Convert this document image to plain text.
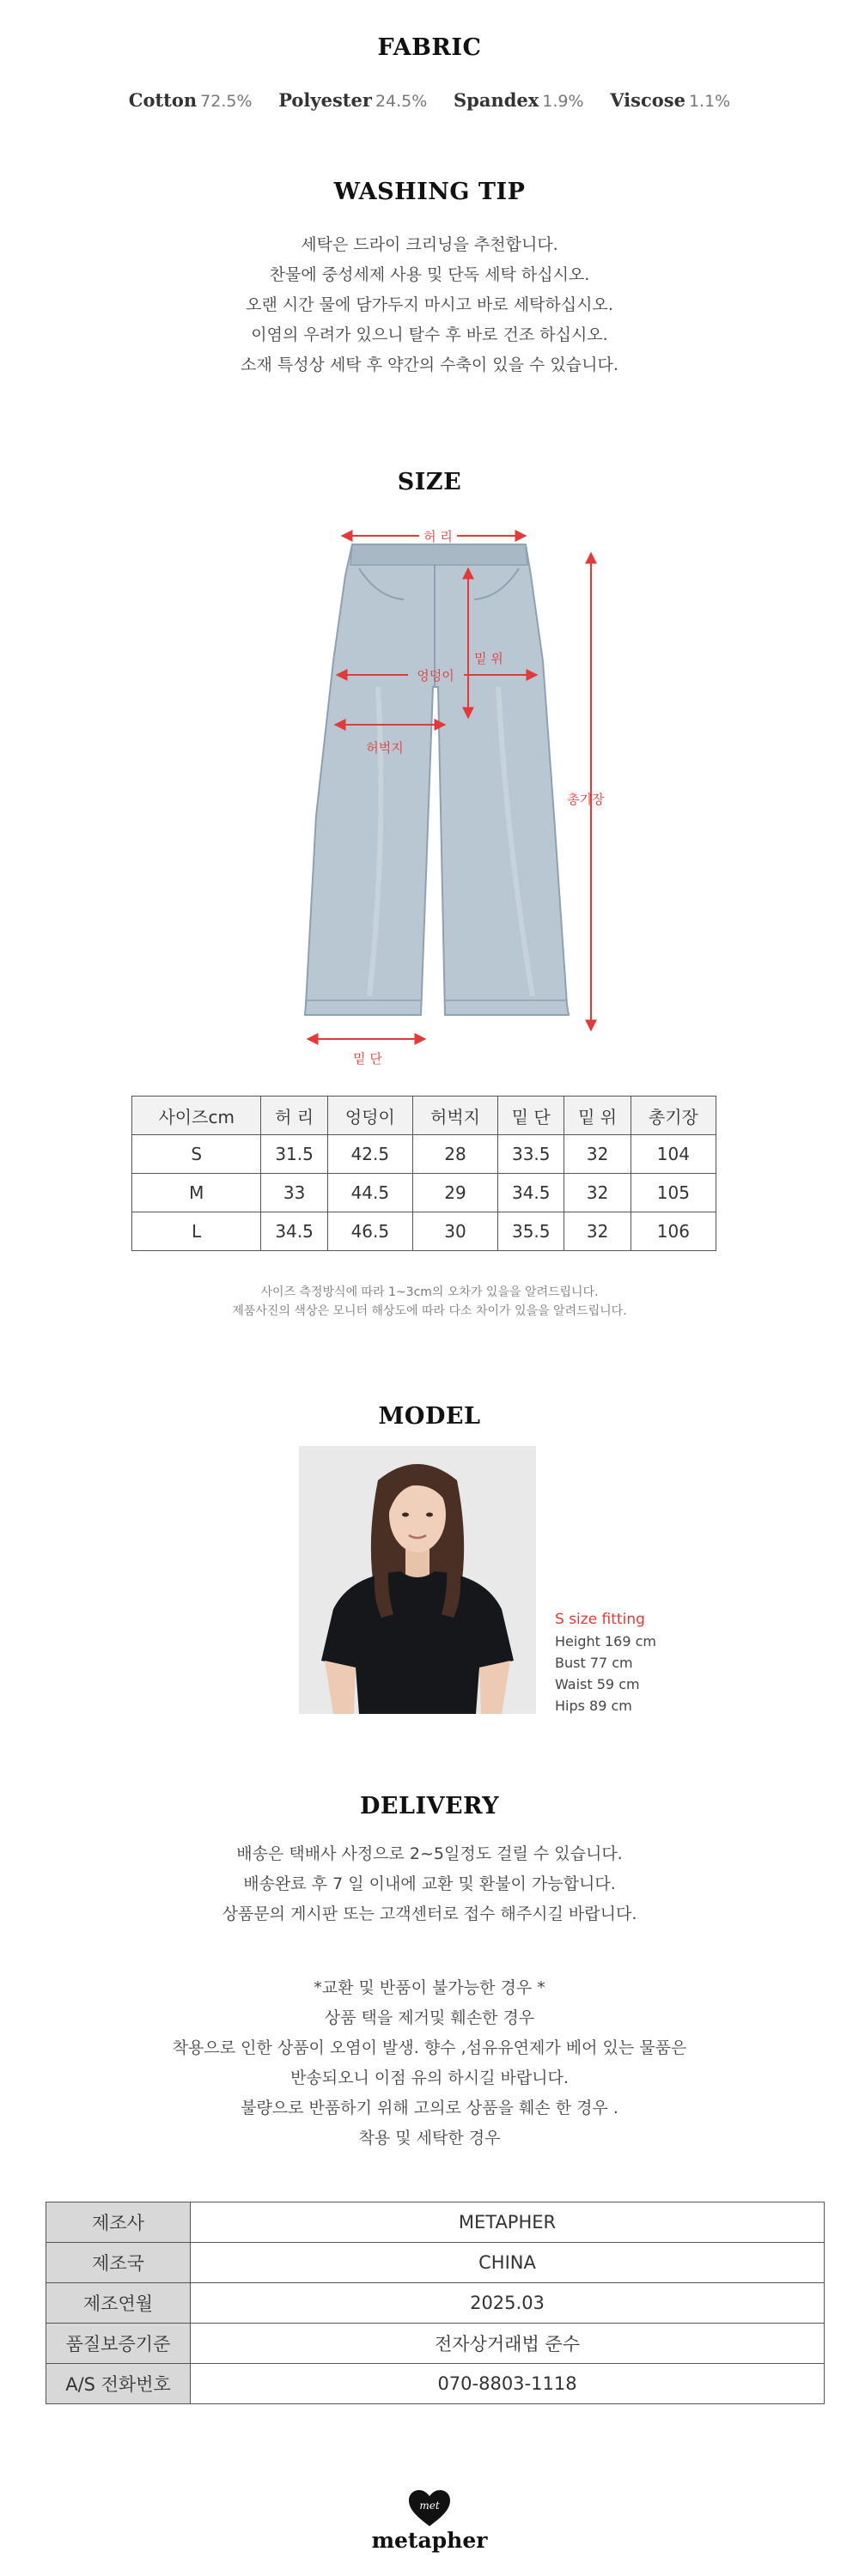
FABRIC
Cotton 72.5% Polyester 24.5% Spandex 1.9% Viscose 1.1%
WASHING TIP
세탁은 드라이 크리닝을 추천합니다.
찬물에 중성세제 사용 및 단독 세탁 하십시오.
오랜 시간 물에 담가두지 마시고 바로 세탁하십시오.
이염의 우려가 있으니 탈수 후 바로 건조 하십시오.
소재 특성상 세탁 후 약간의 수축이 있을 수 있습니다.
SIZE
허 리
엉덩이
밑 위
허벅지
총기장
밑 단
사이즈cm	허 리	엉덩이	허벅지	밑 단	밑 위	총기장
S	31.5	42.5	28	33.5	32	104
M	33	44.5	29	34.5	32	105
L	34.5	46.5	30	35.5	32	106
사이즈 측정방식에 따라 1~3cm의 오차가 있을을 알려드립니다.
제품사진의 색상은 모니터 해상도에 따라 다소 차이가 있을을 알려드립니다.
MODEL
S size fitting
Height 169 cm
Bust 77 cm
Waist 59 cm
Hips 89 cm
DELIVERY
배송은 택배사 사정으로 2~5일정도 걸릴 수 있습니다.
배송완료 후 7 일 이내에 교환 및 환불이 가능합니다.
상품문의 게시판 또는 고객센터로 접수 해주시길 바랍니다.
*교환 및 반품이 불가능한 경우 *
상품 택을 제거및 훼손한 경우
착용으로 인한 상품이 오염이 발생. 향수 ,섬유유연제가 베어 있는 물품은
반송되오니 이점 유의 하시길 바랍니다.
불량으로 반품하기 위해 고의로 상품을 훼손 한 경우 .
착용 및 세탁한 경우
제조사	METAPHER
제조국	CHINA
제조연월	2025.03
품질보증기준	전자상거래법 준수
A/S 전화번호	070-8803-1118
met
metapher
